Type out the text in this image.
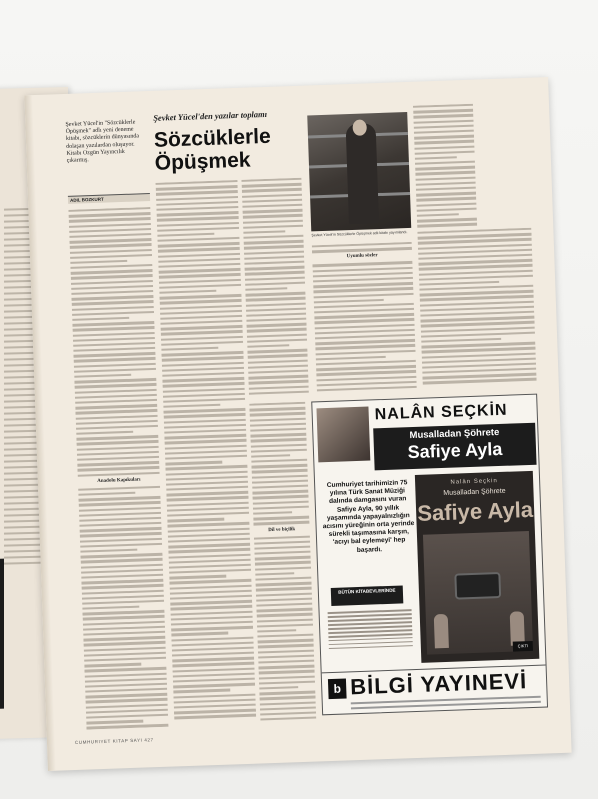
Şevket Yücel'in "Sözcüklerle Öpüşmek" adlı yeni deneme kitabı, sözcüklerin dünyasında dolaşan yazılardan oluşuyor. Kitabı Ozgün Yayıncılık çıkarmış.
ADIL BOZKURT
Şevket Yücel'den yazılar toplamı
Sözcüklerle Öpüşmek
Şevket Yücel'in Sözcüklerle Öpüşmek adlı kitabı yayımlandı.
Anadolu Kapıkuları
Dil ve biçilik
Uyumlu sözler
NALÂN SEÇKİN
Musalladan Şöhrete
Safiye Ayla
Cumhuriyet tarihimizin 75 yılına Türk Sanat Müziği dalında damgasını vuran Safiye Ayla, 90 yıllık yaşamında yapayalnızlığın acısını yüreğinin orta yerinde sürekli taşımasına karşın, 'acıyı bal eylemeyi' hep başardı.
BÜTÜN KİTABEVLERİNDE
Nalân Seçkin
Musalladan Şöhrete
Safiye Ayla
ÇIKTI
b BİLGİ YAYINEVİ
CUMHURIYET KITAP SAYI 427
